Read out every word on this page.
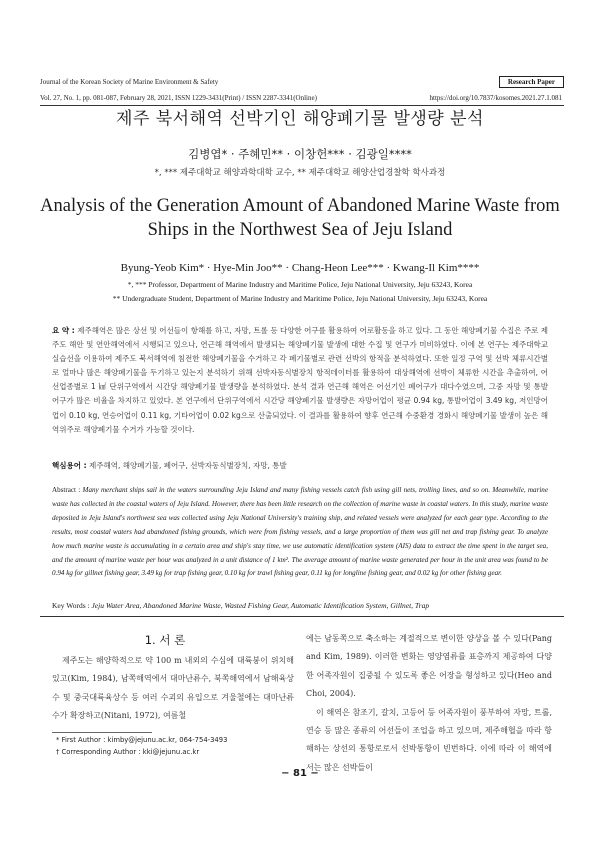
Journal of the Korean Society of Marine Environment & Safety	Research Paper
Vol. 27, No. 1, pp. 081-087, February 28, 2021, ISSN 1229-3431(Print) / ISSN 2287-3341(Online)	https://doi.org/10.7837/kosomes.2021.27.1.081
제주 북서해역 선박기인 해양폐기물 발생량 분석
김병엽* · 주혜민** · 이창헌*** · 김광일****
*, *** 제주대학교 해양과학대학 교수, ** 제주대학교 해양산업경찰학 학사과정
Analysis of the Generation Amount of Abandoned Marine Waste from
Ships in the Northwest Sea of Jeju Island
Byung-Yeob Kim* · Hye-Min Joo** · Chang-Heon Lee*** · Kwang-Il Kim****
*, *** Professor, Department of Marine Industry and Maritime Police, Jeju National University, Jeju 63243, Korea
** Undergraduate Student, Department of Marine Industry and Maritime Police, Jeju National University, Jeju 63243, Korea
요 약 : 제주해역은 많은 상선 및 어선들이 항해를 하고, 자망, 트롤 등 다양한 어구를 활용하여 어로활동을 하고 있다. 그 동안 해양폐기물 수집은 주로 제주도 해안 및 연안해역에서 시행되고 있으나, 연근해 해역에서 발생되는 해양폐기물 발생에 대한 수집 및 연구가 미비하였다. 이에 본 연구는 제주대학교 실습선을 이용하여 제주도 북서해역에 침전한 해양폐기물을 수거하고 각 폐기물별로 관련 선박의 항적을 분석하였다. 또한 일정 구역 및 선박 체류시간별로 얼마나 많은 해양폐기물을 두기하고 있는지 분석하기 위해 선박자동식별장치 항적데이터를 활용하여 대상해역에 선박이 체류한 시간을 추출하여, 어선업종별로 1 ㎢ 단위구역에서 시간당 해양폐기물 발생량을 분석하였다. 분석 결과 연근해 해역은 어선기인 폐어구가 대다수였으며, 그중 자망 및 통발 어구가 많은 비율을 차지하고 있었다. 본 연구에서 단위구역에서 시간당 해양폐기물 발생량은 자망어업이 평균 0.94 kg, 통발어업이 3.49 kg, 저인망어업이 0.10 kg, 연승어업이 0.11 kg, 기타어업이 0.02 kg으로 산출되었다. 이 결과를 활용하여 향후 연근해 수중환경 경화시 해양폐기물 발생이 높은 해역위주로 해양폐기물 수거가 가능할 것이다.
핵심용어 : 제주해역, 해양폐기물, 폐어구, 선박자동식별장치, 자망, 통발
Abstract : Many merchant ships sail in the waters surrounding Jeju Island and many fishing vessels catch fish using gill nets, trolling lines, and so on. Meanwhile, marine waste has collected in the coastal waters of Jeju Island. However, there has been little research on the collection of marine waste in coastal waters. In this study, marine waste deposited in Jeju Island's northwest sea was collected using Jeju National University's training ship, and related vessels were analyzed for each gear type. According to the results, most coastal waters had abandoned fishing grounds, which were from fishing vessels, and a large proportion of them was gill net and trap fishing gear. To analyze how much marine waste is accumulating in a certain area and ship's stay time, we use automatic identification system (AIS) data to extract the time spent in the target sea, and the amount of marine waste per hour was analyzed in a unit distance of 1 km². The average amount of marine waste generated per hour in the unit area was found to be 0.94 kg for gillnet fishing gear, 3.49 kg for trap fishing gear, 0.10 kg for trawl fishing gear, 0.11 kg for longline fishing gear, and 0.02 kg for other fishing gear.
Key Words : Jeju Water Area, Abandoned Marine Waste, Wasted Fishing Gear, Automatic Identification System, Gillnet, Trap
1. 서 론

제주도는 해양학적으로 약 100 m 내외의 수심에 대륙붕이 위치해 있고(Kim, 1984), 남쪽해역에서 대마난류수, 북쪽해역에서 남해육상수 및 중국대륙육상수 등 여러 수괴의 유입으로 겨울철에는 대마난류수가 확장하고(Nitani, 1972), 여름철

에는 남동쪽으로 축소하는 계절적으로 변이한 양상을 볼 수 있다(Pang and Kim, 1989). 이러한 변화는 영양염류를 표층까지 제공하여 다양한 어족자원이 집중될 수 있도록 좋은 어장을 형성하고 있다(Heo and Choi, 2004).

이 해역은 참조기, 갈치, 고등어 등 어족자원이 풍부하여 자망, 트롤, 연승 등 많은 종류의 어선들이 조업을 하고 있으며, 제주해협을 따라 항해하는 상선의 통항로로서 선박통항이 빈번하다. 이에 따라 이 해역에서는 많은 선박들이

* First Author : kimby@jejunu.ac.kr, 064-754-3493
† Corresponding Author : kki@jejunu.ac.kr
− 81 −
